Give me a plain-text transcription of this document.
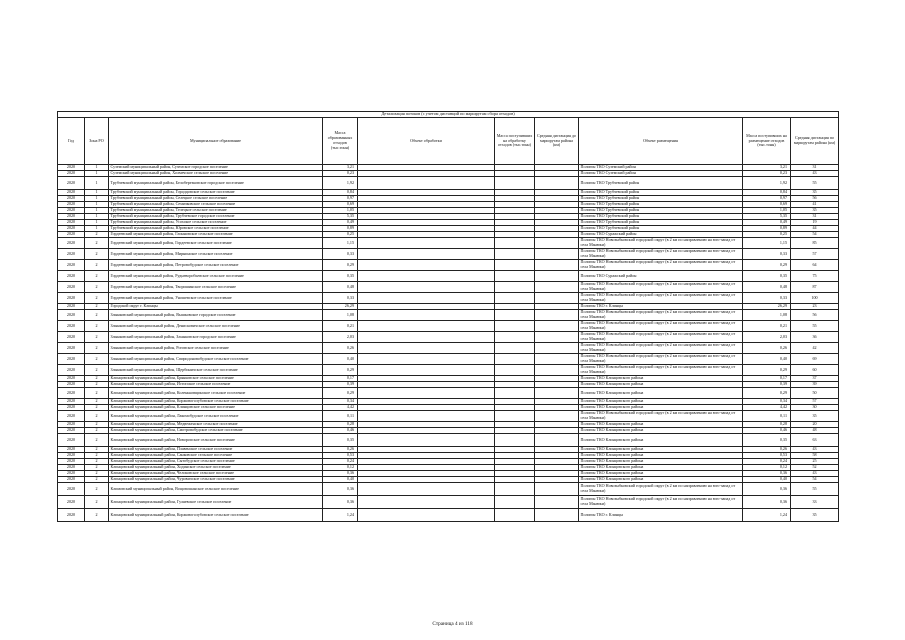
Детализация потоков (с учетом дистанций по маршрутам сбора отходов)									
Год	Зона РО	Муниципальное образование	Масса образованных отходов (тыс.тонн)	Объект обработки	Масса поступивших на обработку отходов (тыс.тонн)	Средняя дистанция до маршрутам района (км)	Объект размещения	Масса поступивших на размещение отходов (тыс.тонн)	Средняя дистанция по маршрутам района (км)
2020	1	Суземский муниципальный район, Суземское городское поселение	3,21				Полигон ТКО Суземский район	3,21	31
2020	1	Суземский муниципальный район, Холмечское сельское поселение	0,23				Полигон ТКО Суземский район	0,23	43
2020	1	Трубчевский муниципальный район, Белоберезковское городское поселение	1,92				Полигон ТКО Трубчевский район	1,92	55
2020	1	Трубчевский муниципальный район, Городцовское сельское поселение	0,84				Полигон ТКО Трубчевский район	0,84	35
2020	1	Трубчевский муниципальный район, Селецкое сельское поселение	0,97				Полигон ТКО Трубчевский район	0,97	56
2020	1	Трубчевский муниципальный район, Семячковское сельское поселение	0,69				Полигон ТКО Трубчевский район	0,69	41
2020	1	Трубчевский муниципальный район, Телецкое сельское поселение	1,05				Полигон ТКО Трубчевский район	1,05	35
2020	1	Трубчевский муниципальный район, Трубчевское городское поселение	5,35				Полигон ТКО Трубчевский район	5,35	31
2020	1	Трубчевский муниципальный район, Усохское сельское поселение	0,49				Полигон ТКО Трубчевский район	0,49	19
2020	1	Трубчевский муниципальный район, Юровское сельское поселение	0,89				Полигон ТКО Трубчевский район	0,89	44
2020	2	Гордеевский муниципальный район, Глинновское сельское поселение	0,25				Полигон ТКО Суражский район	0,25	54
2020	2	Гордеевский муниципальный район, Гордеевское сельское поселение	1,15				Полигон ТКО Новозыбковский городской округ (в 2 км по направлению на юго-запад от села Манюки)	1,15	85
2020	2	Гордеевский муниципальный район, Мирнинское сельское поселение	0,33				Полигон ТКО Новозыбковский городской округ (в 2 км по направлению на юго-запад от села Манюки)	0,33	57
2020	2	Гордеевский муниципальный район, Петровобудское сельское поселение	0,29				Полигон ТКО Новозыбковский городской округ (в 2 км по направлению на юго-запад от села Манюки)	0,29	64
2020	2	Гордеевский муниципальный район, Рудневоробьевское сельское поселение	0,35				Полигон ТКО Суражский район	0,35	75
2020	2	Гордеевский муниципальный район, Творишинское сельское поселение	0,48				Полигон ТКО Новозыбковский городской округ (в 2 км по направлению на юго-запад от села Манюки)	0,48	87
2020	2	Гордеевский муниципальный район, Уношевское сельское поселение	0,33				Полигон ТКО Новозыбковский городской округ (в 2 км по направлению на юго-запад от села Манюки)	0,33	100
2020	2	Городской округ г. Клинцы	26,29				Полигон ТКО г. Клинцы	26,29	23
2020	2	Злынковский муниципальный район, Вышковское городское поселение	1,08				Полигон ТКО Новозыбковский городской округ (в 2 км по направлению на юго-запад от села Манюки)	1,08	56
2020	2	Злынковский муниципальный район, Денисковичское сельское поселение	0,21				Полигон ТКО Новозыбковский городской округ (в 2 км по направлению на юго-запад от села Манюки)	0,21	55
2020	2	Злынковский муниципальный район, Злынковское городское поселение	2,03				Полигон ТКО Новозыбковский городской округ (в 2 км по направлению на юго-запад от села Манюки)	2,03	36
2020	2	Злынковский муниципальный район, Роговское сельское поселение	0,26				Полигон ТКО Новозыбковский городской округ (в 2 км по направлению на юго-запад от села Манюки)	0,26	42
2020	2	Злынковский муниципальный район, Спиридоновобудское сельское поселение	0,40				Полигон ТКО Новозыбковский городской округ (в 2 км по направлению на юго-запад от села Манюки)	0,40	69
2020	2	Злынковский муниципальный район, Щербиничское сельское поселение	0,29				Полигон ТКО Новозыбковский городской округ (в 2 км по направлению на юго-запад от села Манюки)	0,29	60
2020	2	Клинцовский муниципальный район, Брянковское сельское поселение	0,17				Полигон ТКО Клинцовского района	0,17	37
2020	2	Клинцовский муниципальный район, Истопское сельское поселение	0,39				Полигон ТКО Клинцовского района	0,39	39
2020	2	Клинцовский муниципальный район, Коленьковщинское сельское поселение	0,29				Полигон ТКО Клинцовского района	0,29	50
2020	2	Клинцовский муниципальный район, Коржовоголубовское сельское поселение	0,34				Полигон ТКО Клинцовского района	0,34	57
2020	2	Клинцовский муниципальный район, Клинцовское сельское поселение	4,42				Полигон ТКО Клинцовского района	4,42	30
2020	2	Клинцовский муниципальный район, Лакомобудское сельское поселение	0,11				Полигон ТКО Новозыбковский городской округ (в 2 км по направлению на юго-запад от села Манюки)	0,11	35
2020	2	Клинцовский муниципальный район, Медвеженское сельское поселение	0,28				Полигон ТКО Клинцовского района	0,28	20
2020	2	Клинцовский муниципальный район, Смотровобудское сельское поселение	0,46				Полигон ТКО Клинцовского района	0,46	48
2020	2	Клинцовский муниципальный район, Новоропское сельское поселение	0,35				Полигон ТКО Клинцовского района	0,35	63
2020	2	Клинцовский муниципальный район, Плавенское сельское поселение	0,26				Полигон ТКО Клинцовского района	0,26	43
2020	2	Клинцовский муниципальный район, Санковское сельское поселение	0,53				Полигон ТКО Клинцовского района	0,53	58
2020	2	Клинцовский муниципальный район, Сытобудское сельское поселение	0,24				Полигон ТКО Клинцовского района	0,24	25
2020	2	Клинцовский муниципальный район, Ходинское сельское поселение	0,12				Полигон ТКО Клинцовского района	0,12	52
2020	2	Клинцовский муниципальный район, Челоковское сельское поселение	0,36				Полигон ТКО Клинцовского района	0,36	43
2020	2	Клинцовский муниципальный район, Чуровичское сельское поселение	0,40				Полигон ТКО Клинцовского района	0,40	54
2020	2	Климовский муниципальный район, Вощовошанское сельское поселение	0,36				Полигон ТКО Новозыбковский городской округ (в 2 км по направлению на юго-запад от села Манюки)	0,36	55
2020	2	Клинцовский муниципальный район, Гуляевское сельское поселение	0,36				Полигон ТКО Новозыбковский городской округ (в 2 км по направлению на юго-запад от села Манюки)	0,36	33
2020	2	Клинцовский муниципальный район, Коржовоголубовское сельское поселение	1,24				Полигон ТКО г. Клинцы	1,24	35
Страница 4 из 118
